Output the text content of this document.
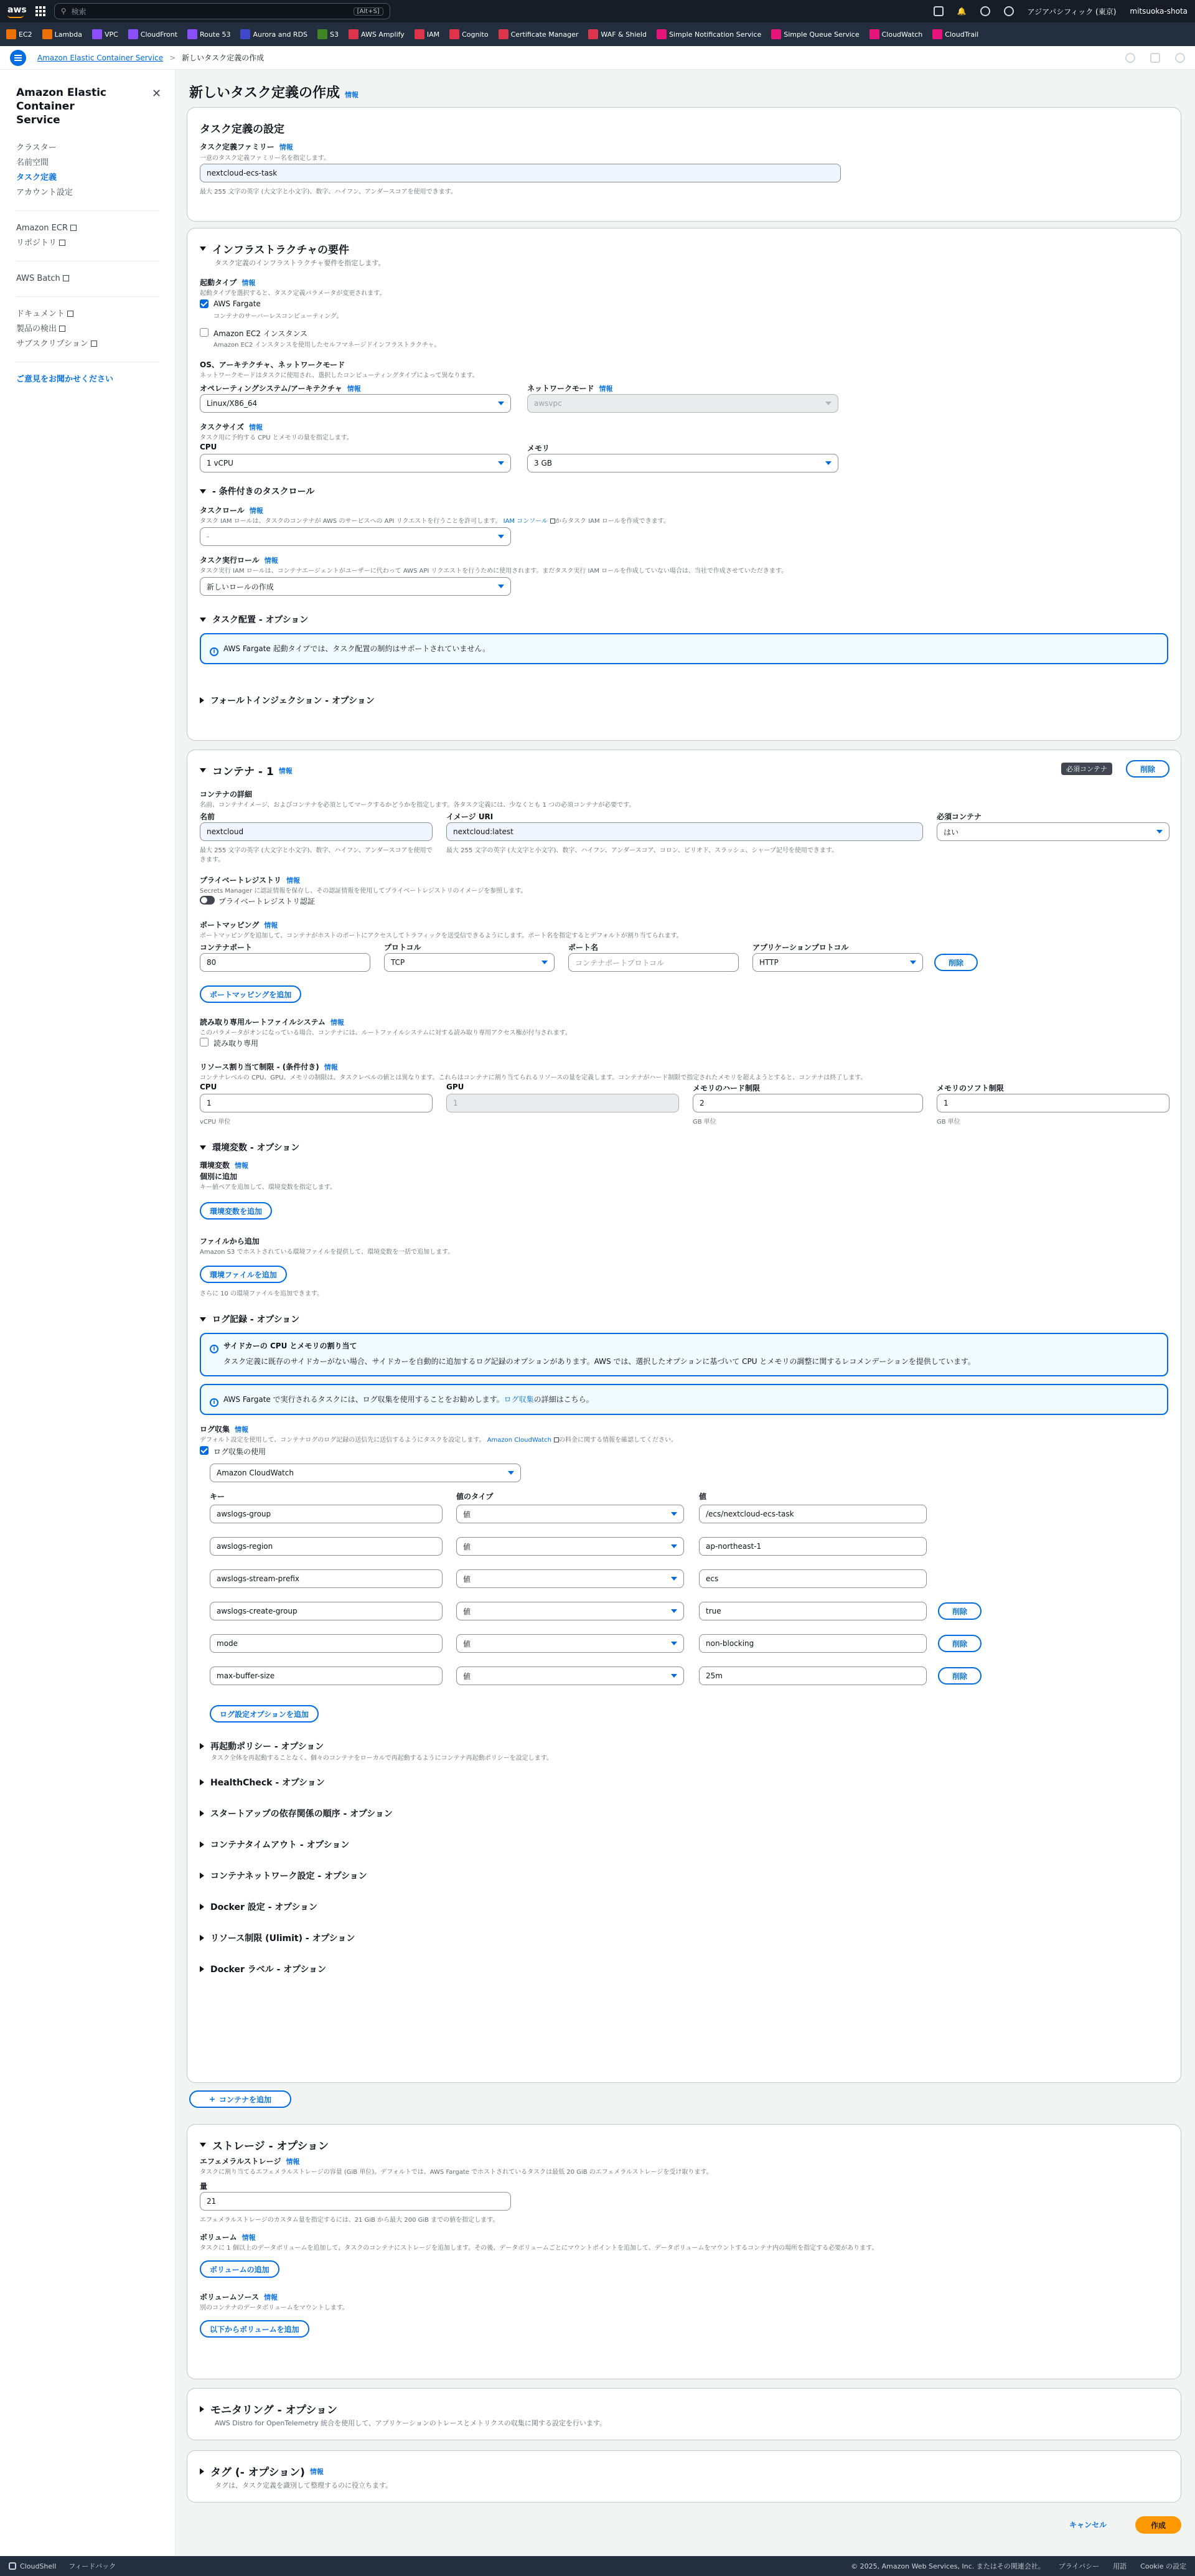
aws	⚲ 検索	[Alt+S]	🔔	アジアパシフィック (東京) mitsuoka-shota
EC2	Lambda	VPC	CloudFront	Route 53	Aurora and RDS	S3	AWS Amplify	IAM	Cognito	Certificate Manager	WAF & Shield	Simple Notification Service	Simple Queue Service	CloudWatch	CloudTrail
Amazon Elastic Container Service > 新しいタスク定義の作成
Amazon Elastic Container Service
✕
クラスター
名前空間
タスク定義
アカウント設定
Amazon ECR
リポジトリ
AWS Batch
ドキュメント
製品の検出
サブスクリプション
ご意見をお聞かせください
新しいタスク定義の作成 情報
タスク定義の設定
タスク定義ファミリー 情報
一意のタスク定義ファミリー名を指定します。
nextcloud-ecs-task
最大 255 文字の英字 (大文字と小文字)、数字、ハイフン、アンダースコアを使用できます。
インフラストラクチャの要件
タスク定義のインフラストラクチャ要件を指定します。
起動タイプ 情報
起動タイプを選択すると、タスク定義パラメータが変更されます。
AWS Fargate
コンテナのサーバーレスコンピューティング。
Amazon EC2 インスタンス
Amazon EC2 インスタンスを使用したセルフマネージドインフラストラクチャ。
OS、アーキテクチャ、ネットワークモード
ネットワークモードはタスクに使用され、選択したコンピューティングタイプによって異なります。
オペレーティングシステム/アーキテクチャ 情報
Linux/X86_64
ネットワークモード 情報
awsvpc
タスクサイズ 情報
タスク用に予約する CPU とメモリの量を指定します。
CPU
1 vCPU
メモリ
3 GB
- 条件付きのタスクロール
タスクロール 情報
タスク IAM ロールは、タスクのコンテナが AWS のサービスへの API リクエストを行うことを許可します。 IAM コンソール からタスク IAM ロールを作成できます。
-
タスク実行ロール 情報
タスク実行 IAM ロールは、コンテナエージェントがユーザーに代わって AWS API リクエストを行うために使用されます。まだタスク実行 IAM ロールを作成していない場合は、当社で作成させていただきます。
新しいロールの作成
タスク配置 - オプション
i AWS Fargate 起動タイプでは、タスク配置の制約はサポートされていません。
フォールトインジェクション - オプション
コンテナ - 1 情報	必須コンテナ	削除
コンテナの詳細
名前、コンテナイメージ、およびコンテナを必須としてマークするかどうかを指定します。各タスク定義には、少なくとも 1 つの必須コンテナが必要です。
名前
nextcloud
最大 255 文字の英字 (大文字と小文字)、数字、ハイフン、アンダースコアを使用できます。
イメージ URI
nextcloud:latest
最大 255 文字の英字 (大文字と小文字)、数字、ハイフン、アンダースコア、コロン、ピリオド、スラッシュ、シャープ記号を使用できます。
必須コンテナ
はい
プライベートレジストリ 情報
Secrets Manager に認証情報を保存し、その認証情報を使用してプライベートレジストリのイメージを参照します。
プライベートレジストリ認証
ポートマッピング 情報
ポートマッピングを追加して、コンテナがホストのポートにアクセスしてトラフィックを送受信できるようにします。ポート名を指定するとデフォルトが割り当てられます。
コンテナポート
80
プロトコル
TCP
ポート名
コンテナポートプロトコル
アプリケーションプロトコル
HTTP	削除
ポートマッピングを追加
読み取り専用ルートファイルシステム 情報
このパラメータがオンになっている場合、コンテナには、ルートファイルシステムに対する読み取り専用アクセス権が付与されます。
読み取り専用
リソース割り当て制限 - (条件付き) 情報
コンテナレベルの CPU、GPU、メモリの制限は、タスクレベルの値とは異なります。これらはコンテナに割り当てられるリソースの量を定義します。コンテナがハード制限で指定されたメモリを超えようとすると、コンテナは終了します。
CPU
1
vCPU 単位
GPU
1
メモリのハード制限
2
GB 単位
メモリのソフト制限
1
GB 単位
環境変数 - オプション
環境変数 情報
個別に追加
キー値ペアを追加して、環境変数を指定します。
環境変数を追加
ファイルから追加
Amazon S3 でホストされている環境ファイルを提供して、環境変数を一括で追加します。
環境ファイルを追加
さらに 10 の環境ファイルを追加できます。
ログ記録 - オプション
i サイドカーの CPU とメモリの割り当て
タスク定義に既存のサイドカーがない場合、サイドカーを自動的に追加するログ記録のオプションがあります。AWS では、選択したオプションに基づいて CPU とメモリの調整に関するレコメンデーションを提供しています。
i AWS Fargate で実行されるタスクには、ログ収集を使用することをお勧めします。ログ収集の詳細はこちら。
ログ収集 情報
デフォルト設定を使用して、コンテナログのログ記録の送信先に送信するようにタスクを設定します。 Amazon CloudWatch の料金に関する情報を確認してください。
ログ収集の使用
Amazon CloudWatch
キー	値のタイプ	値
awslogs-group	値	/ecs/nextcloud-ecs-task
awslogs-region	値	ap-northeast-1
awslogs-stream-prefix	値	ecs
awslogs-create-group	値	true	削除
mode	値	non-blocking	削除
max-buffer-size	値	25m	削除
ログ設定オプションを追加
再起動ポリシー - オプション
タスク全体を再起動することなく、個々のコンテナをローカルで再起動するようにコンテナ再起動ポリシーを設定します。
HealthCheck - オプション
スタートアップの依存関係の順序 - オプション
コンテナタイムアウト - オプション
コンテナネットワーク設定 - オプション
Docker 設定 - オプション
リソース制限 (Ulimit) - オプション
Docker ラベル - オプション
+ コンテナを追加
ストレージ - オプション
エフェメラルストレージ 情報
タスクに割り当てるエフェメラルストレージの容量 (GiB 単位)。デフォルトでは、AWS Fargate でホストされているタスクは最低 20 GiB のエフェメラルストレージを受け取ります。
量
21
エフェメラルストレージのカスタム量を指定するには、21 GiB から最大 200 GiB までの値を指定します。
ボリューム 情報
タスクに 1 個以上のデータボリュームを追加して、タスクのコンテナにストレージを追加します。その後、データボリュームごとにマウントポイントを追加して、データボリュームをマウントするコンテナ内の場所を指定する必要があります。
ボリュームの追加
ボリュームソース 情報
別のコンテナのデータボリュームをマウントします。
以下からボリュームを追加
モニタリング - オプション
AWS Distro for OpenTelemetry 統合を使用して、アプリケーションのトレースとメトリクスの収集に関する設定を行います。
タグ (- オプション) 情報
タグは、タスク定義を識別して整理するのに役立ちます。
キャンセル	作成
CloudShell フィードバック	© 2025, Amazon Web Services, Inc. またはその関連会社。 プライバシー 用語 Cookie の設定
